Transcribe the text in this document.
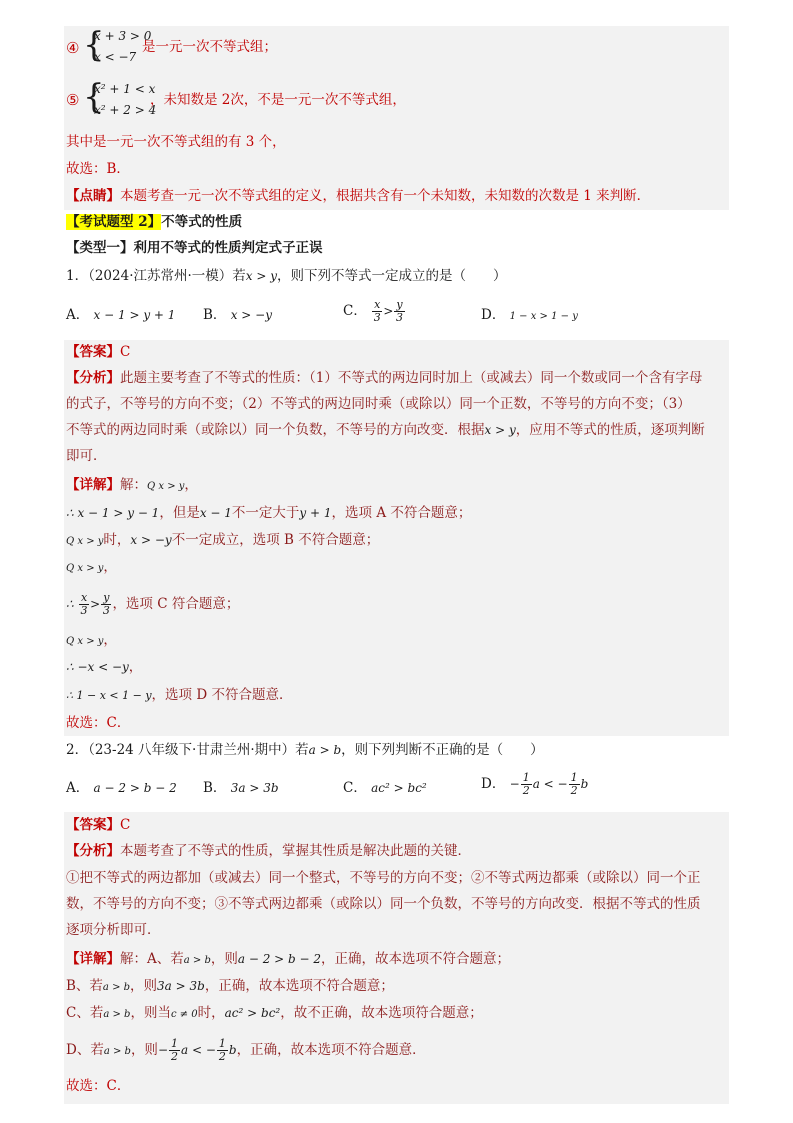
④ {
x + 3 > 0
x < −7
是一元一次不等式组；
⑤ {
x² + 1 < x
x² + 2 > 4
，未知数是 2次，不是一元一次不等式组，
其中是一元一次不等式组的有 3 个，
故选：B．
【点睛】本题考查一元一次不等式组的定义，根据共含有一个未知数，未知数的次数是 1 来判断．
【考试题型 2】不等式的性质
【类型一】利用不等式的性质判定式子正误
1．（2024·江苏常州·一模）若x > y，则下列不等式一定成立的是（　　）
A． x − 1 > y + 1 B． x > −y	C． $\frac{x}{3} > \frac{y}{3}$	D． 1 − x > 1 − y
【答案】C
【分析】此题主要考查了不等式的性质：（1）不等式的两边同时加上（或减去）同一个数或同一个含有字母
的式子，不等号的方向不变；（2）不等式的两边同时乘（或除以）同一个正数，不等号的方向不变；（3）
不等式的两边同时乘（或除以）同一个负数，不等号的方向改变．根据x > y，应用不等式的性质，逐项判断
即可．
【详解】解：Q x > y，
∴ x − 1 > y − 1，但是x − 1不一定大于y + 1，选项 A 不符合题意；
Q x > y时，x > −y不一定成立，选项 B 不符合题意；
Q x > y，
∴ $\frac{x}{3} > \frac{y}{3}$ ，选项 C 符合题意；
Q x > y，
∴ −x < −y，
∴ 1 − x < 1 − y，选项 D 不符合题意．
故选：C．
2．（23-24 八年级下·甘肃兰州·期中）若a > b，则下列判断不正确的是（　　）
A． a − 2 > b − 2 B． 3a > 3b	C． ac² > bc²	D． − $\frac{1}{2}$ a < − $\frac{1}{2}$ b
【答案】C
【分析】本题考查了不等式的性质，掌握其性质是解决此题的关键．
①把不等式的两边都加（或减去）同一个整式，不等号的方向不变；②不等式两边都乘（或除以）同一个正
数，不等号的方向不变；③不等式两边都乘（或除以）同一个负数，不等号的方向改变．根据不等式的性质
逐项分析即可．
【详解】解：A、若a > b，则a − 2 > b − 2，正确，故本选项不符合题意；
B、若a > b，则3a > 3b，正确，故本选项不符合题意；
C、若a > b，则当c ≠ 0时，ac² > bc²，故不正确，故本选项符合题意；
D、若a > b，则− $\frac{1}{2}$ a < − $\frac{1}{2}$ b，正确，故本选项不符合题意．
故选：C．
